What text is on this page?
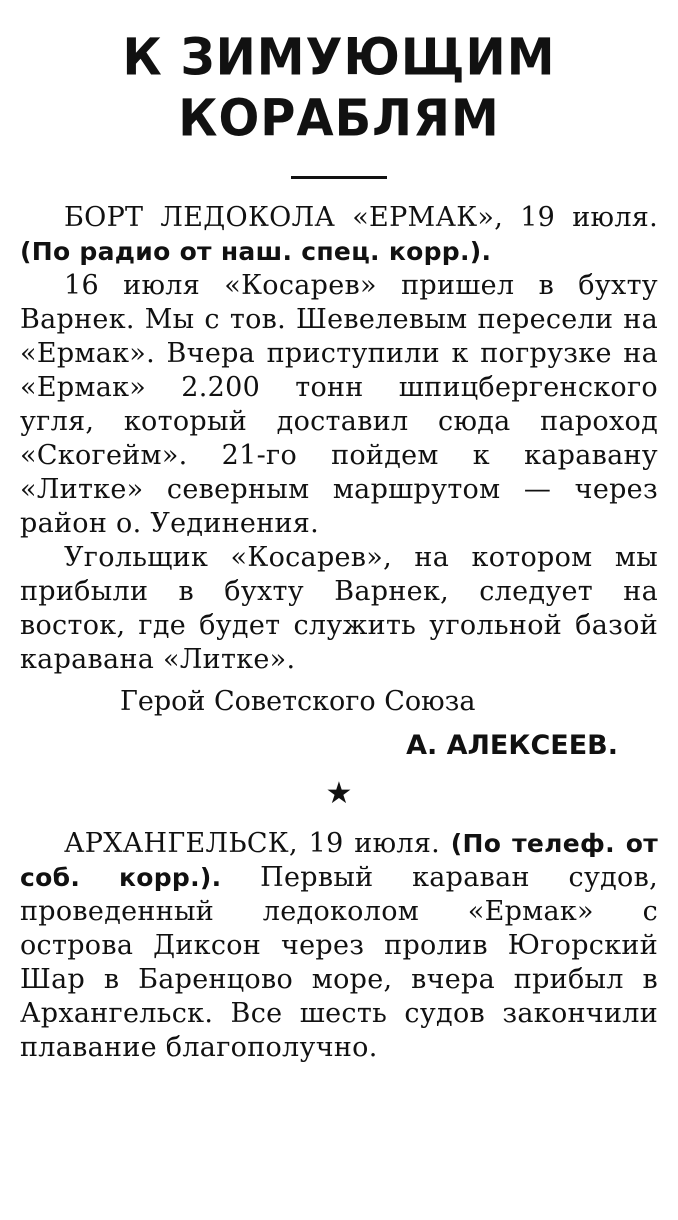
К ЗИМУЮЩИМ
КОРАБЛЯМ

БОРТ ЛЕДОКОЛА «ЕРМАК», 19 июля. (По радио от наш. спец. корр.).

16 июля «Косарев» пришел в бухту Варнек. Мы с тов. Шевелевым пересели на «Ермак». Вчера приступили к погрузке на «Ермак» 2.200 тонн шпицбергенского угля, который доставил сюда пароход «Скогейм». 21-го пойдем к каравану «Литке» северным маршрутом — через район о. Уединения.

Угольщик «Косарев», на котором мы прибыли в бухту Варнек, следует на восток, где будет служить угольной базой каравана «Литке».

Герой Советского Союза

А. АЛЕКСЕЕВ.

★

АРХАНГЕЛЬСК, 19 июля. (По телеф. от соб. корр.). Первый караван судов, проведенный ледоколом «Ермак» с острова Диксон через пролив Югорский Шар в Баренцово море, вчера прибыл в Архангельск. Все шесть судов закончили плавание благополучно.
